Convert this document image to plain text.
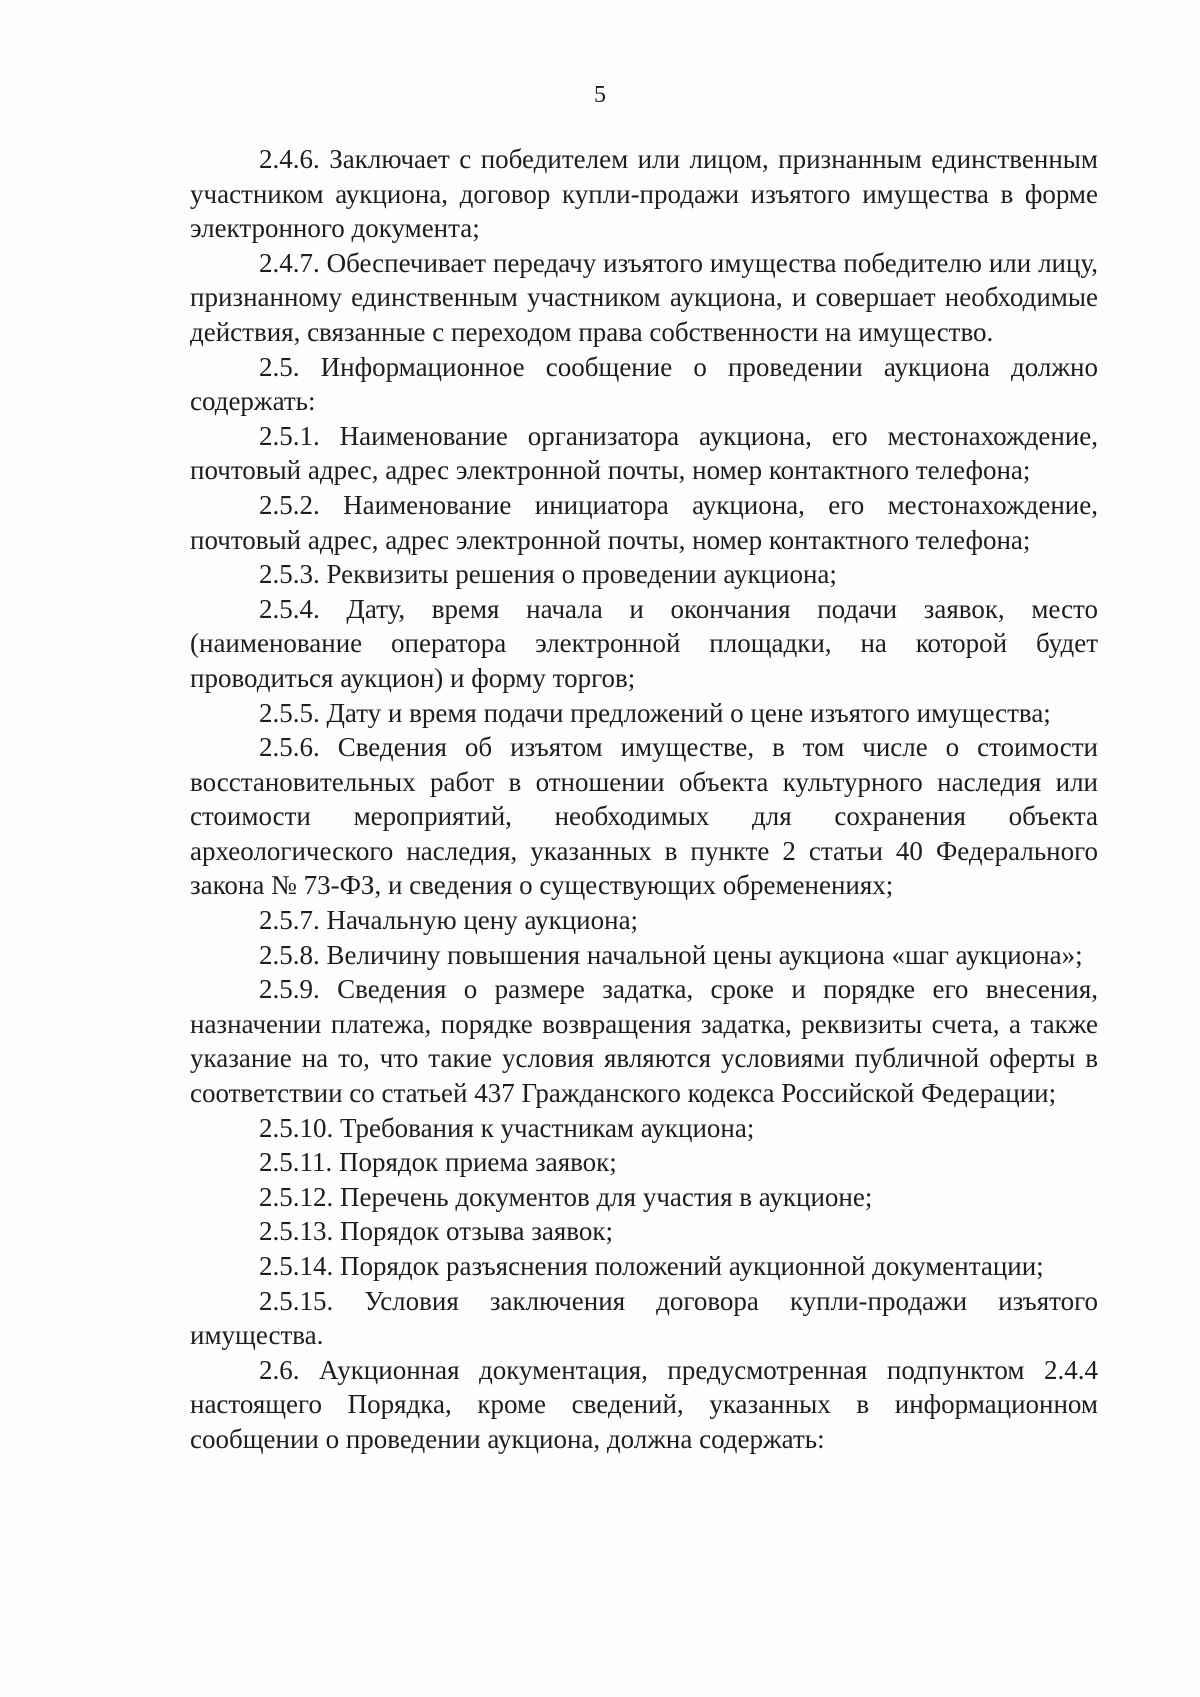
5

2.4.6. Заключает с победителем или лицом, признанным единственным участником аукциона, договор купли-продажи изъятого имущества в форме электронного документа;

2.4.7. Обеспечивает передачу изъятого имущества победителю или лицу, признанному единственным участником аукциона, и совершает необходимые действия, связанные с переходом права собственности на имущество.

2.5. Информационное сообщение о проведении аукциона должно содержать:

2.5.1. Наименование организатора аукциона, его местонахождение, почтовый адрес, адрес электронной почты, номер контактного телефона;

2.5.2. Наименование инициатора аукциона, его местонахождение, почтовый адрес, адрес электронной почты, номер контактного телефона;

2.5.3. Реквизиты решения о проведении аукциона;

2.5.4. Дату, время начала и окончания подачи заявок, место (наименование оператора электронной площадки, на которой будет проводиться аукцион) и форму торгов;

2.5.5. Дату и время подачи предложений о цене изъятого имущества;

2.5.6. Сведения об изъятом имуществе, в том числе о стоимости восстановительных работ в отношении объекта культурного наследия или стоимости мероприятий, необходимых для сохранения объекта археологического наследия, указанных в пункте 2 статьи 40 Федерального закона № 73-ФЗ, и сведения о существующих обременениях;

2.5.7. Начальную цену аукциона;

2.5.8. Величину повышения начальной цены аукциона «шаг аукциона»;

2.5.9. Сведения о размере задатка, сроке и порядке его внесения, назначении платежа, порядке возвращения задатка, реквизиты счета, а также указание на то, что такие условия являются условиями публичной оферты в соответствии со статьей 437 Гражданского кодекса Российской Федерации;

2.5.10. Требования к участникам аукциона;

2.5.11. Порядок приема заявок;

2.5.12. Перечень документов для участия в аукционе;

2.5.13. Порядок отзыва заявок;

2.5.14. Порядок разъяснения положений аукционной документации;

2.5.15. Условия заключения договора купли-продажи изъятого имущества.

2.6. Аукционная документация, предусмотренная подпунктом 2.4.4 настоящего Порядка, кроме сведений, указанных в информационном сообщении о проведении аукциона, должна содержать:
